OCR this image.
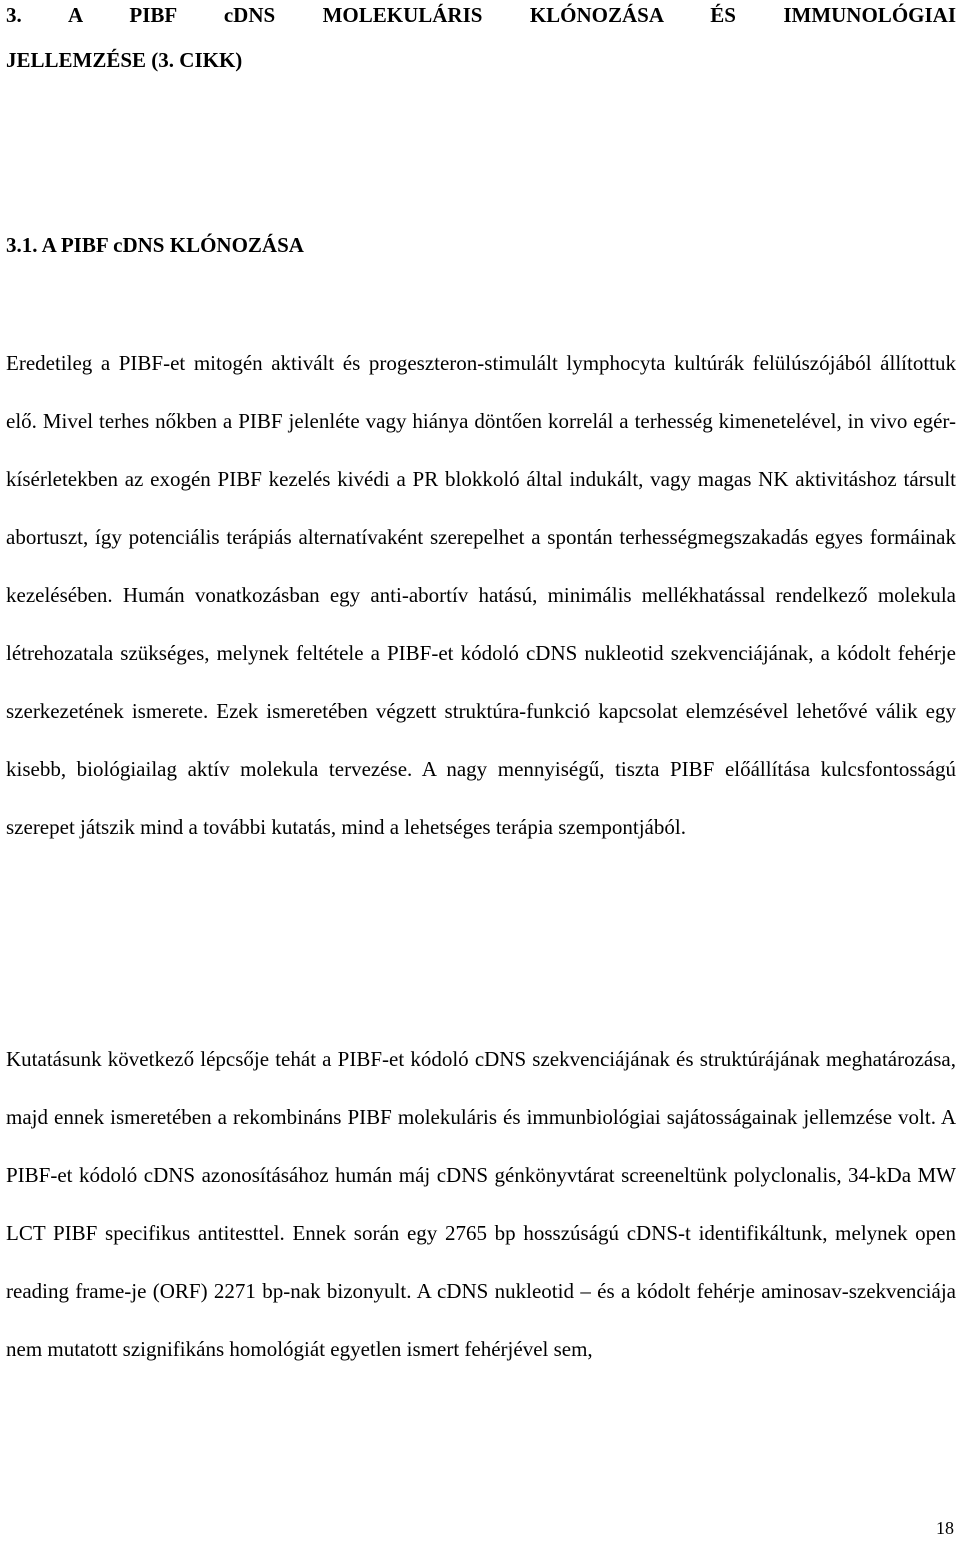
3. A PIBF cDNS MOLEKULÁRIS KLÓNOZÁSA ÉS IMMUNOLÓGIAI
JELLEMZÉSE (3. CIKK)
3.1. A PIBF cDNS KLÓNOZÁSA

Eredetileg a PIBF-et mitogén aktivált és progeszteron-stimulált lymphocyta kultúrák felülúszójából állítottuk elő. Mivel terhes nőkben a PIBF jelenléte vagy hiánya döntően korrelál a terhesség kimenetelével, in vivo egér-kísérletekben az exogén PIBF kezelés kivédi a PR blokkoló által indukált, vagy magas NK aktivitáshoz társult abortuszt, így potenciális terápiás alternatívaként szerepelhet a spontán terhességmegszakadás egyes formáinak kezelésében. Humán vonatkozásban egy anti-abortív hatású, minimális mellékhatással rendelkező molekula létrehozatala szükséges, melynek feltétele a PIBF-et kódoló cDNS nukleotid szekvenciájának, a kódolt fehérje szerkezetének ismerete. Ezek ismeretében végzett struktúra-funkció kapcsolat elemzésével lehetővé válik egy kisebb, biológiailag aktív molekula tervezése. A nagy mennyiségű, tiszta PIBF előállítása kulcsfontosságú szerepet játszik mind a további kutatás, mind a lehetséges terápia szempontjából.

Kutatásunk következő lépcsője tehát a PIBF-et kódoló cDNS szekvenciájának és struktúrájának meghatározása, majd ennek ismeretében a rekombináns PIBF molekuláris és immunbiológiai sajátosságainak jellemzése volt. A PIBF-et kódoló cDNS azonosításához humán máj cDNS génkönyvtárat screeneltünk polyclonalis, 34-kDa MW LCT PIBF specifikus antitesttel. Ennek során egy 2765 bp hosszúságú cDNS-t identifikáltunk, melynek open reading frame-je (ORF) 2271 bp-nak bizonyult. A cDNS nukleotid – és a kódolt fehérje aminosav-szekvenciája nem mutatott szignifikáns homológiát egyetlen ismert fehérjével sem,

18
